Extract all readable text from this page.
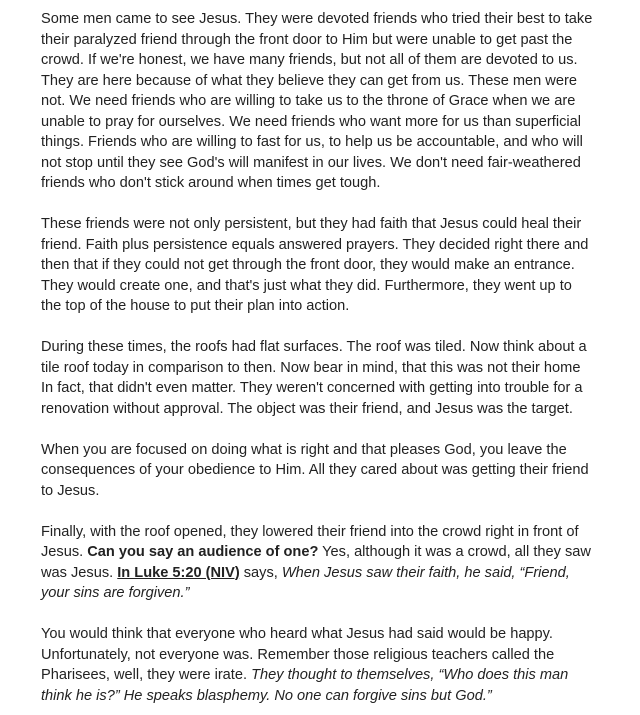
Some men came to see Jesus. They were devoted friends who tried their best to take their paralyzed friend through the front door to Him but were unable to get past the crowd. If we're honest, we have many friends, but not all of them are devoted to us. They are here because of what they believe they can get from us. These men were not. We need friends who are willing to take us to the throne of Grace when we are unable to pray for ourselves. We need friends who want more for us than superficial things. Friends who are willing to fast for us, to help us be accountable, and who will not stop until they see God's will manifest in our lives. We don't need fair-weathered friends who don't stick around when times get tough.

These friends were not only persistent, but they had faith that Jesus could heal their friend. Faith plus persistence equals answered prayers. They decided right there and then that if they could not get through the front door, they would make an entrance. They would create one, and that's just what they did. Furthermore, they went up to the top of the house to put their plan into action.

During these times, the roofs had flat surfaces. The roof was tiled. Now think about a tile roof today in comparison to then. Now bear in mind, that this was not their home In fact, that didn't even matter. They weren't concerned with getting into trouble for a renovation without approval. The object was their friend, and Jesus was the target.

When you are focused on doing what is right and that pleases God, you leave the consequences of your obedience to Him. All they cared about was getting their friend to Jesus.

Finally, with the roof opened, they lowered their friend into the crowd right in front of Jesus. Can you say an audience of one? Yes, although it was a crowd, all they saw was Jesus. In Luke 5:20 (NIV) says, When Jesus saw their faith, he said, “Friend, your sins are forgiven.”

You would think that everyone who heard what Jesus had said would be happy. Unfortunately, not everyone was. Remember those religious teachers called the Pharisees, well, they were irate. They thought to themselves, “Who does this man think he is?” He speaks blasphemy. No one can forgive sins but God.”
